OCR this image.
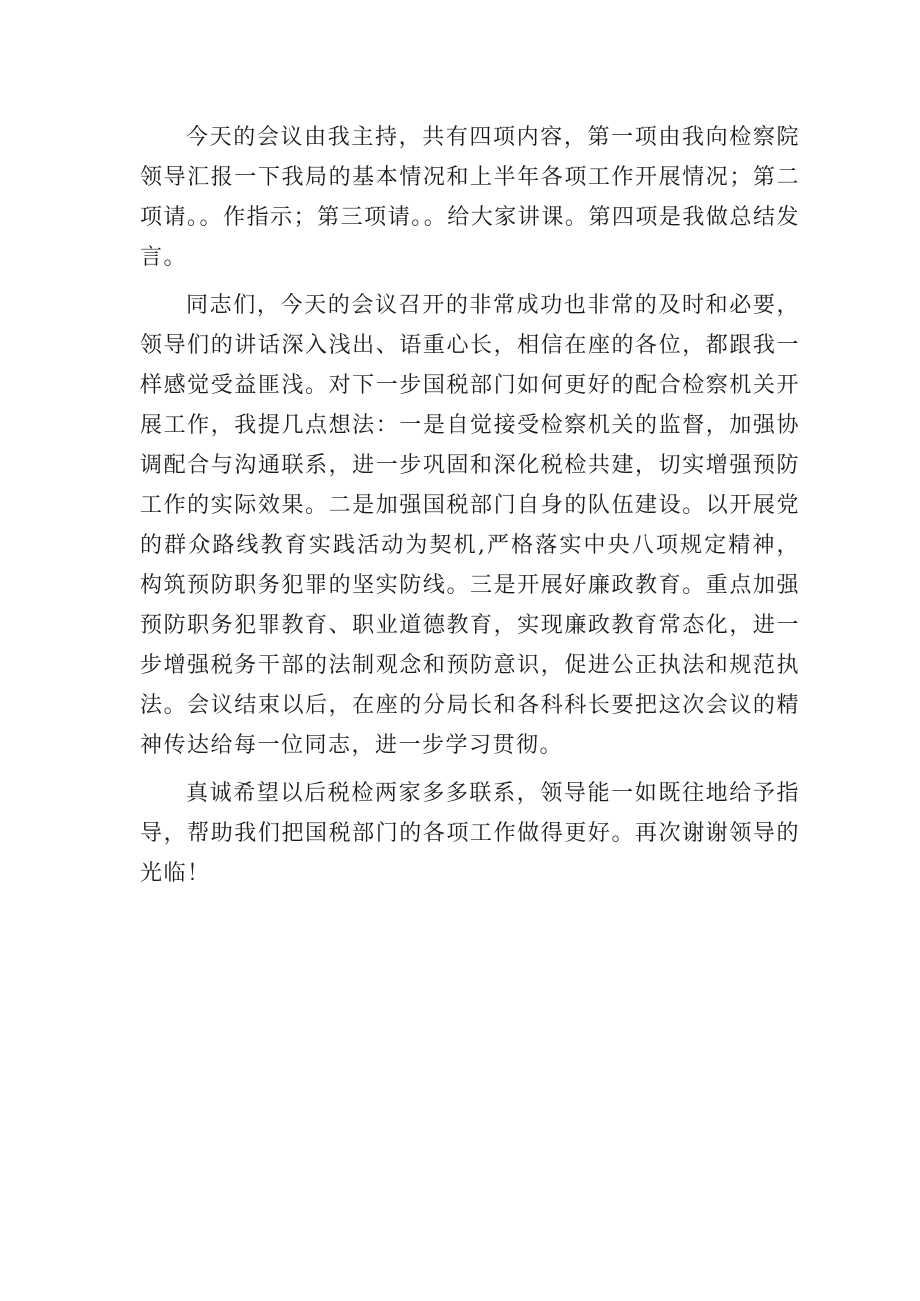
今天的会议由我主持，共有四项内容，第一项由我向检察院领导汇报一下我局的基本情况和上半年各项工作开展情况；第二项请。。作指示；第三项请。。给大家讲课。第四项是我做总结发言。

同志们，今天的会议召开的非常成功也非常的及时和必要，领导们的讲话深入浅出、语重心长，相信在座的各位，都跟我一样感觉受益匪浅。对下一步国税部门如何更好的配合检察机关开展工作，我提几点想法：一是自觉接受检察机关的监督，加强协调配合与沟通联系，进一步巩固和深化税检共建，切实增强预防工作的实际效果。二是加强国税部门自身的队伍建设。以开展党的群众路线教育实践活动为契机,严格落实中央八项规定精神，构筑预防职务犯罪的坚实防线。三是开展好廉政教育。重点加强预防职务犯罪教育、职业道德教育，实现廉政教育常态化，进一步增强税务干部的法制观念和预防意识，促进公正执法和规范执法。会议结束以后，在座的分局长和各科科长要把这次会议的精神传达给每一位同志，进一步学习贯彻。

真诚希望以后税检两家多多联系，领导能一如既往地给予指导，帮助我们把国税部门的各项工作做得更好。再次谢谢领导的光临！
